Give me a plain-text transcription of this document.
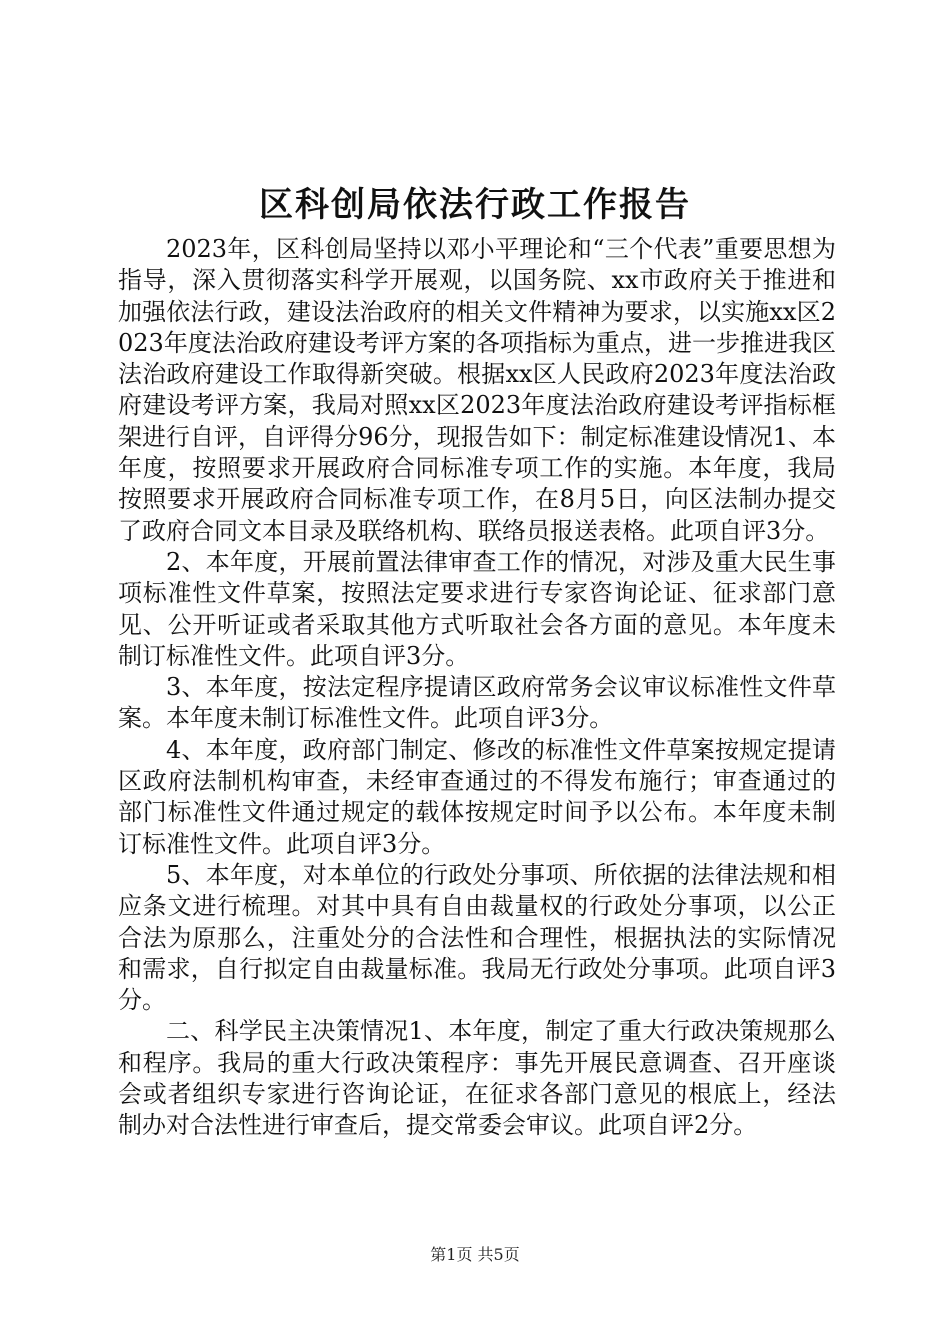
区科创局依法行政工作报告

2023年，区科创局坚持以邓小平理论和“三个代表”重要思想为指导，深入贯彻落实科学开展观，以国务院、xx市政府关于推进和加强依法行政，建设法治政府的相关文件精神为要求，以实施xx区2023年度法治政府建设考评方案的各项指标为重点，进一步推进我区法治政府建设工作取得新突破。根据xx区人民政府2023年度法治政府建设考评方案，我局对照xx区2023年度法治政府建设考评指标框架进行自评，自评得分96分，现报告如下：制定标准建设情况1、本年度，按照要求开展政府合同标准专项工作的实施。本年度，我局按照要求开展政府合同标准专项工作，在8月5日，向区法制办提交了政府合同文本目录及联络机构、联络员报送表格。此项自评3分。

2、本年度，开展前置法律审查工作的情况，对涉及重大民生事项标准性文件草案，按照法定要求进行专家咨询论证、征求部门意见、公开听证或者采取其他方式听取社会各方面的意见。本年度未制订标准性文件。此项自评3分。

3、本年度，按法定程序提请区政府常务会议审议标准性文件草案。本年度未制订标准性文件。此项自评3分。

4、本年度，政府部门制定、修改的标准性文件草案按规定提请区政府法制机构审查，未经审查通过的不得发布施行；审查通过的部门标准性文件通过规定的载体按规定时间予以公布。本年度未制订标准性文件。此项自评3分。

5、本年度，对本单位的行政处分事项、所依据的法律法规和相应条文进行梳理。对其中具有自由裁量权的行政处分事项，以公正合法为原那么，注重处分的合法性和合理性，根据执法的实际情况和需求，自行拟定自由裁量标准。我局无行政处分事项。此项自评3分。

二、科学民主决策情况1、本年度，制定了重大行政决策规那么和程序。我局的重大行政决策程序：事先开展民意调查、召开座谈会或者组织专家进行咨询论证，在征求各部门意见的根底上，经法制办对合法性进行审查后，提交常委会审议。此项自评2分。

第1页 共5页
